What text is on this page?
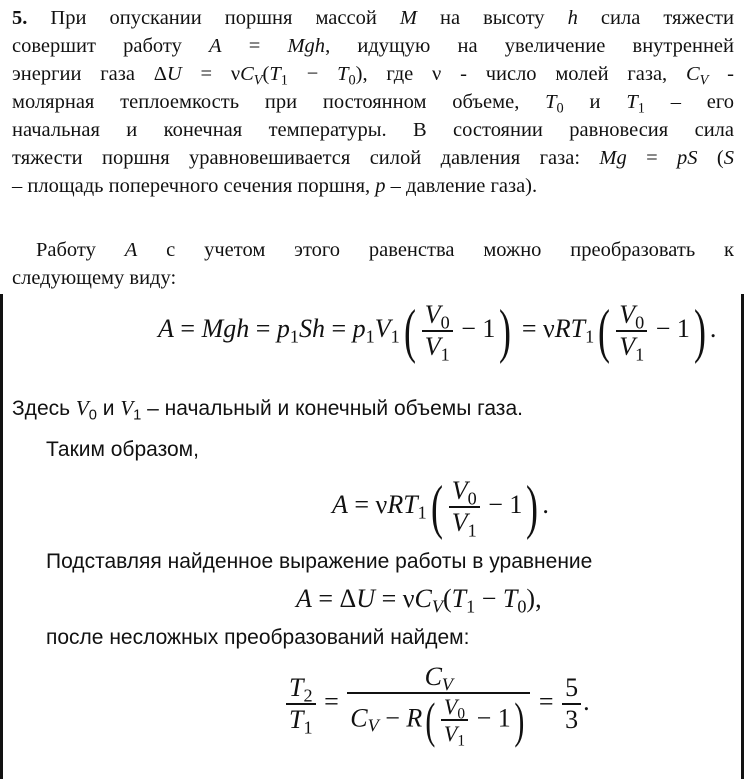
5. При опускании поршня массой M на высоту h сила тяжести
совершит работу A = Mgh, идущую на увеличение внутренней
энергии газа $\Delta U = \nu C_V(T_1 - T_0)$, где ν - число молей газа, $C_V$ -
молярная теплоемкость при постоянном объеме, $T_0$ и $T_1$ – его
начальная и конечная температуры. В состоянии равновесия сила
тяжести поршня уравновешивается силой давления газа: Mg = pS (S
– площадь поперечного сечения поршня, p – давление газа).
Работу A с учетом этого равенства можно преобразовать к
следующему виду:
A = Mgh = $p_1Sh = p_1V_1( \frac{V_0}{V_1} - 1) = \nu RT_1( \frac{V_0}{V_1} - 1)$ .
Здесь $V_0$ и $V_1$ – начальный и конечный объемы газа.
Таким образом,
$A = \nu RT_1( \frac{V_0}{V_1} - 1)$ .
Подставляя найденное выражение работы в уравнение
$A = \Delta U = \nu C_V(T_1 - T_0)$,
после несложных преобразований найдем:
$\frac{T_2}{T_1} = \frac{C_V}{C_V - R( \frac{V_0}{V_1} - 1)} = \frac{5}{3}$ .
